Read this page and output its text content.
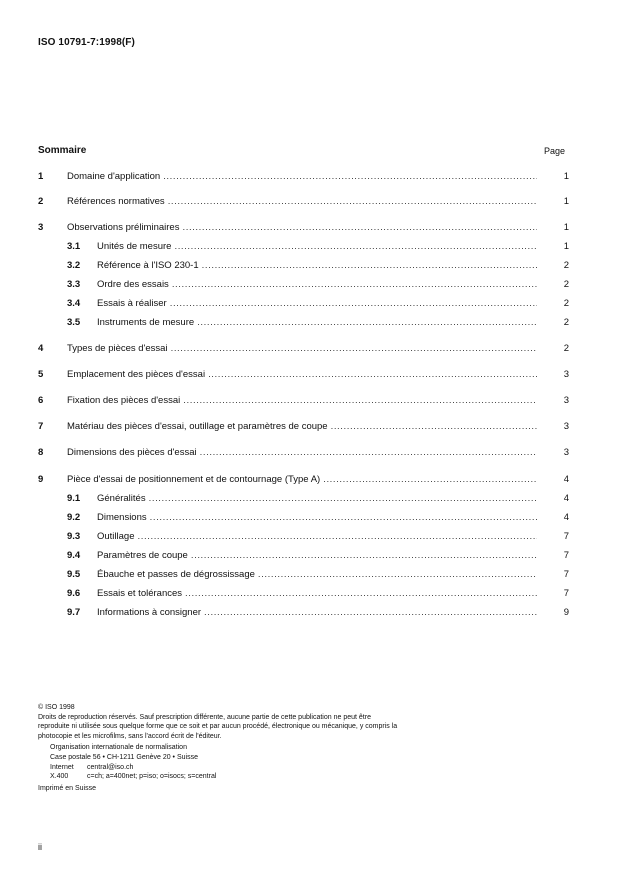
ISO 10791-7:1998(F)
Sommaire	Page
1 Domaine d'application .....	1
2 Références normatives .....	1
3 Observations préliminaires .....	1
3.1 Unités de mesure .....	1
3.2 Référence à l'ISO 230-1 .....	2
3.3 Ordre des essais .....	2
3.4 Essais à réaliser .....	2
3.5 Instruments de mesure .....	2
4 Types de pièces d'essai .....	2
5 Emplacement des pièces d'essai .....	3
6 Fixation des pièces d'essai .....	3
7 Matériau des pièces d'essai, outillage et paramètres de coupe .....	3
8 Dimensions des pièces d'essai .....	3
9 Pièce d'essai de positionnement et de contournage (Type A) .....	4
9.1 Généralités .....	4
9.2 Dimensions .....	4
9.3 Outillage .....	7
9.4 Paramètres de coupe .....	7
9.5 Ébauche et passes de dégrossissage .....	7
9.6 Essais et tolérances .....	7
9.7 Informations à consigner .....	9

© ISO 1998

Droits de reproduction réservés. Sauf prescription différente, aucune partie de cette publication ne peut être reproduite ni utilisée sous quelque forme que ce soit et par aucun procédé, électronique ou mécanique, y compris la photocopie et les microfilms, sans l'accord écrit de l'éditeur.

Organisation internationale de normalisation
Case postale 56 • CH-1211 Genève 20 • Suisse
Internet central@iso.ch
X.400	c=ch; a=400net; p=iso; o=isocs; s=central

Imprimé en Suisse

ii
